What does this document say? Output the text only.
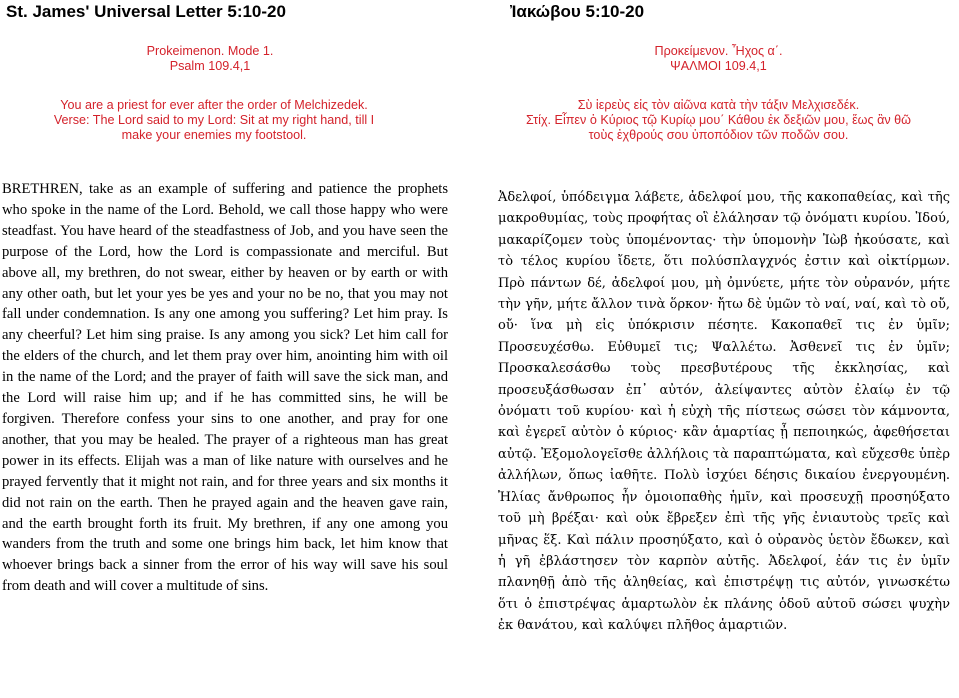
St. James' Universal Letter 5:10-20

Prokeimenon. Mode 1.

Psalm 109.4,1

You are a priest for ever after the order of Melchizedek.

Verse: The Lord said to my Lord: Sit at my right hand, till I

make your enemies my footstool.

BRETHREN, take as an example of suffering and patience the prophets who spoke in the name of the Lord. Behold, we call those happy who were steadfast. You have heard of the steadfastness of Job, and you have seen the purpose of the Lord, how the Lord is compassionate and merciful. But above all, my brethren, do not swear, either by heaven or by earth or with any other oath, but let your yes be yes and your no be no, that you may not fall under condemnation. Is any one among you suffering? Let him pray. Is any cheerful? Let him sing praise. Is any among you sick? Let him call for the elders of the church, and let them pray over him, anointing him with oil in the name of the Lord; and the prayer of faith will save the sick man, and the Lord will raise him up; and if he has committed sins, he will be forgiven. Therefore confess your sins to one another, and pray for one another, that you may be healed. The prayer of a righteous man has great power in its effects. Elijah was a man of like nature with ourselves and he prayed fervently that it might not rain, and for three years and six months it did not rain on the earth. Then he prayed again and the heaven gave rain, and the earth brought forth its fruit. My brethren, if any one among you wanders from the truth and some one brings him back, let him know that whoever brings back a sinner from the error of his way will save his soul from death and will cover a multitude of sins.

Ἰακώβου 5:10-20

Προκείμενον. Ἦχος α΄.

ΨΑΛΜΟΙ 109.4,1

Σὺ ἱερεὺς εἰς τὸν αἰῶνα κατὰ τὴν τάξιν Μελχισεδέκ.

Στίχ. Εἶπεν ὁ Κύριος τῷ Κυρίῳ μου΄ Κάθου ἐκ δεξιῶν μου, ἕως ἂν θῶ

τοὺς ἐχθρούς σου ὑποπόδιον τῶν ποδῶν σου.

Ἀδελφοί, ὑπόδειγμα λάβετε, ἀδελφοί μου, τῆς κακοπαθείας, καὶ τῆς μακροθυμίας, τοὺς προφήτας οἳ ἐλάλησαν τῷ ὀνόματι κυρίου. Ἰδού, μακαρίζομεν τοὺς ὑπομένοντας· τὴν ὑπομονὴν Ἰὼβ ἠκούσατε, καὶ τὸ τέλος κυρίου ἴδετε, ὅτι πολύσπλαγχνός ἐστιν καὶ οἰκτίρμων. Πρὸ πάντων δέ, ἀδελφοί μου, μὴ ὀμνύετε, μήτε τὸν οὐρανόν, μήτε τὴν γῆν, μήτε ἄλλον τινὰ ὅρκον· ἤτω δὲ ὑμῶν τὸ ναί, ναί, καὶ τὸ οὔ, οὔ· ἵνα μὴ εἰς ὑπόκρισιν πέσητε. Κακοπαθεῖ τις ἐν ὑμῖν; Προσευχέσθω. Εὐθυμεῖ τις; Ψαλλέτω. Ἀσθενεῖ τις ἐν ὑμῖν; Προσκαλεσάσθω τοὺς πρεσβυτέρους τῆς ἐκκλησίας, καὶ προσευξάσθωσαν ἐπ᾽ αὐτόν, ἀλείψαντες αὐτὸν ἐλαίῳ ἐν τῷ ὀνόματι τοῦ κυρίου· καὶ ἡ εὐχὴ τῆς πίστεως σώσει τὸν κάμνοντα, καὶ ἐγερεῖ αὐτὸν ὁ κύριος· κἂν ἁμαρτίας ᾖ πεποιηκώς, ἀφεθήσεται αὐτῷ. Ἐξομολογεῖσθε ἀλλήλοις τὰ παραπτώματα, καὶ εὔχεσθε ὑπὲρ ἀλλήλων, ὅπως ἰαθῆτε. Πολὺ ἰσχύει δέησις δικαίου ἐνεργουμένη. Ἠλίας ἄνθρωπος ἦν ὁμοιοπαθὴς ἡμῖν, καὶ προσευχῇ προσηύξατο τοῦ μὴ βρέξαι· καὶ οὐκ ἔβρεξεν ἐπὶ τῆς γῆς ἐνιαυτοὺς τρεῖς καὶ μῆνας ἕξ. Καὶ πάλιν προσηύξατο, καὶ ὁ οὐρανὸς ὑετὸν ἔδωκεν, καὶ ἡ γῆ ἐβλάστησεν τὸν καρπὸν αὐτῆς. Ἀδελφοί, ἐάν τις ἐν ὑμῖν πλανηθῇ ἀπὸ τῆς ἀληθείας, καὶ ἐπιστρέψῃ τις αὐτόν, γινωσκέτω ὅτι ὁ ἐπιστρέψας ἁμαρτωλὸν ἐκ πλάνης ὁδοῦ αὐτοῦ σώσει ψυχὴν ἐκ θανάτου, καὶ καλύψει πλῆθος ἁμαρτιῶν.
